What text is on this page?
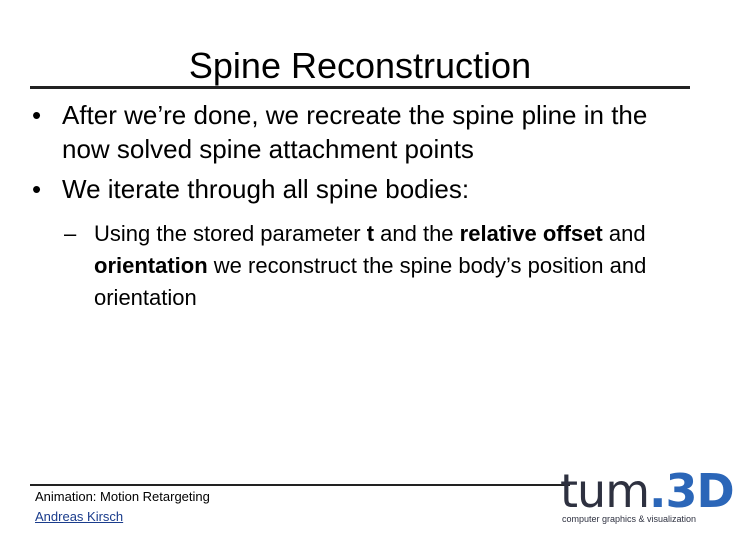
Spine Reconstruction
• After we’re done, we recreate the spine pline in the now solved spine attachment points
• We iterate through all spine bodies:
– Using the stored parameter t and the relative offset and orientation we reconstruct the spine body’s position and orientation
Animation: Motion Retargeting
Andreas Kirsch	tum.3D
computer graphics & visualization
